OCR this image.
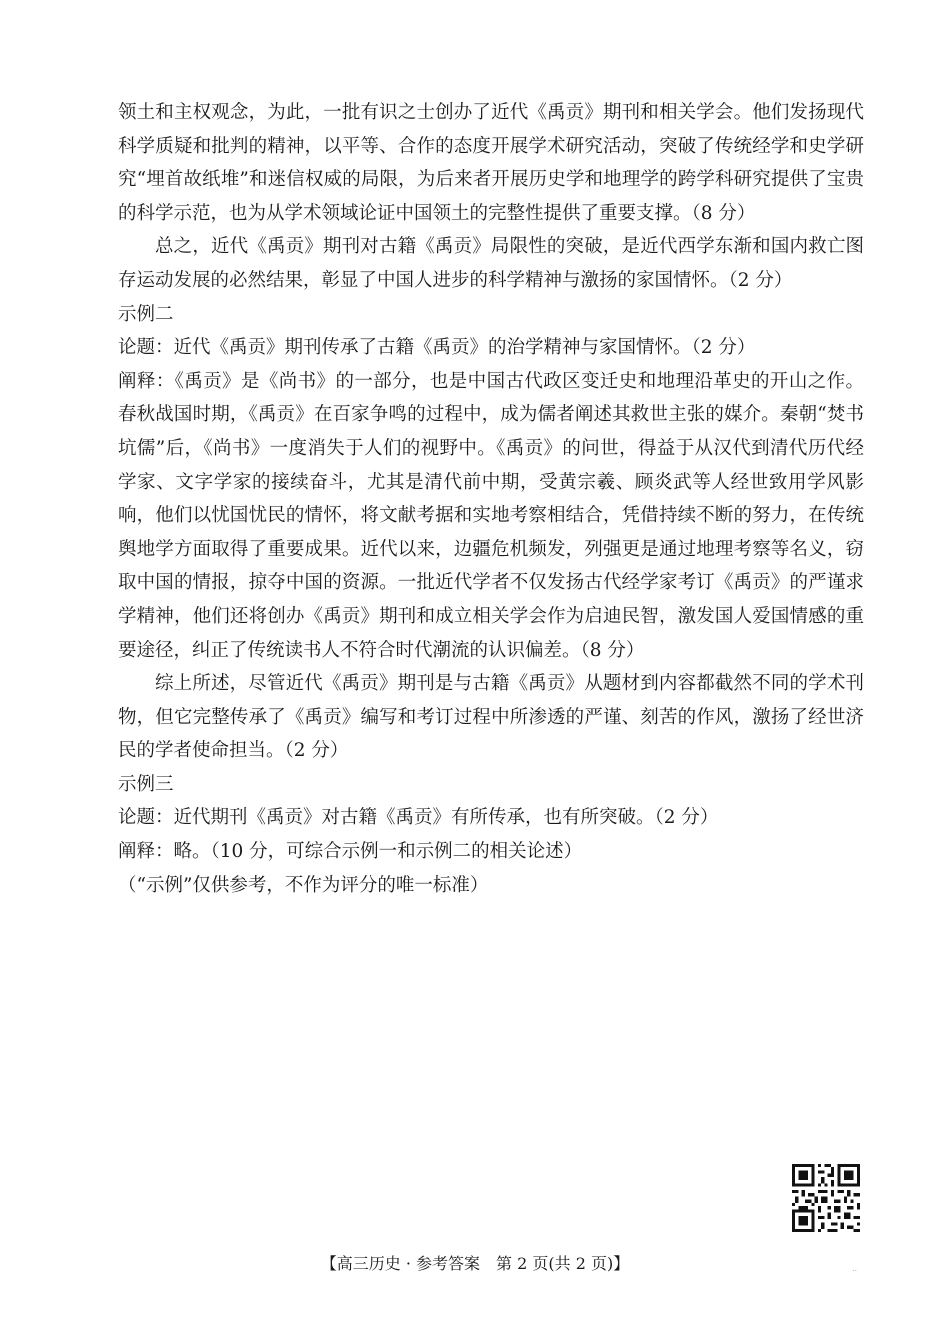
领土和主权观念，为此，一批有识之士创办了近代《禹贡》期刊和相关学会。他们发扬现代科学质疑和批判的精神，以平等、合作的态度开展学术研究活动，突破了传统经学和史学研究“埋首故纸堆”和迷信权威的局限，为后来者开展历史学和地理学的跨学科研究提供了宝贵的科学示范，也为从学术领域论证中国领土的完整性提供了重要支撑。（8 分）

总之，近代《禹贡》期刊对古籍《禹贡》局限性的突破，是近代西学东渐和国内救亡图存运动发展的必然结果，彰显了中国人进步的科学精神与激扬的家国情怀。（2 分）

示例二

论题：近代《禹贡》期刊传承了古籍《禹贡》的治学精神与家国情怀。（2 分）

阐释：《禹贡》是《尚书》的一部分，也是中国古代政区变迁史和地理沿革史的开山之作。春秋战国时期，《禹贡》在百家争鸣的过程中，成为儒者阐述其救世主张的媒介。秦朝“焚书坑儒”后，《尚书》一度消失于人们的视野中。《禹贡》的问世，得益于从汉代到清代历代经学家、文字学家的接续奋斗，尤其是清代前中期，受黄宗羲、顾炎武等人经世致用学风影响，他们以忧国忧民的情怀，将文献考据和实地考察相结合，凭借持续不断的努力，在传统舆地学方面取得了重要成果。近代以来，边疆危机频发，列强更是通过地理考察等名义，窃取中国的情报，掠夺中国的资源。一批近代学者不仅发扬古代经学家考订《禹贡》的严谨求学精神，他们还将创办《禹贡》期刊和成立相关学会作为启迪民智，激发国人爱国情感的重要途径，纠正了传统读书人不符合时代潮流的认识偏差。（8 分）

综上所述，尽管近代《禹贡》期刊是与古籍《禹贡》从题材到内容都截然不同的学术刊物，但它完整传承了《禹贡》编写和考订过程中所渗透的严谨、刻苦的作风，激扬了经世济民的学者使命担当。（2 分）

示例三

论题：近代期刊《禹贡》对古籍《禹贡》有所传承，也有所突破。（2 分）

阐释：略。（10 分，可综合示例一和示例二的相关论述）

（“示例”仅供参考，不作为评分的唯一标准）

【高三历史 · 参考答案　第 2 页(共 2 页)】	..
